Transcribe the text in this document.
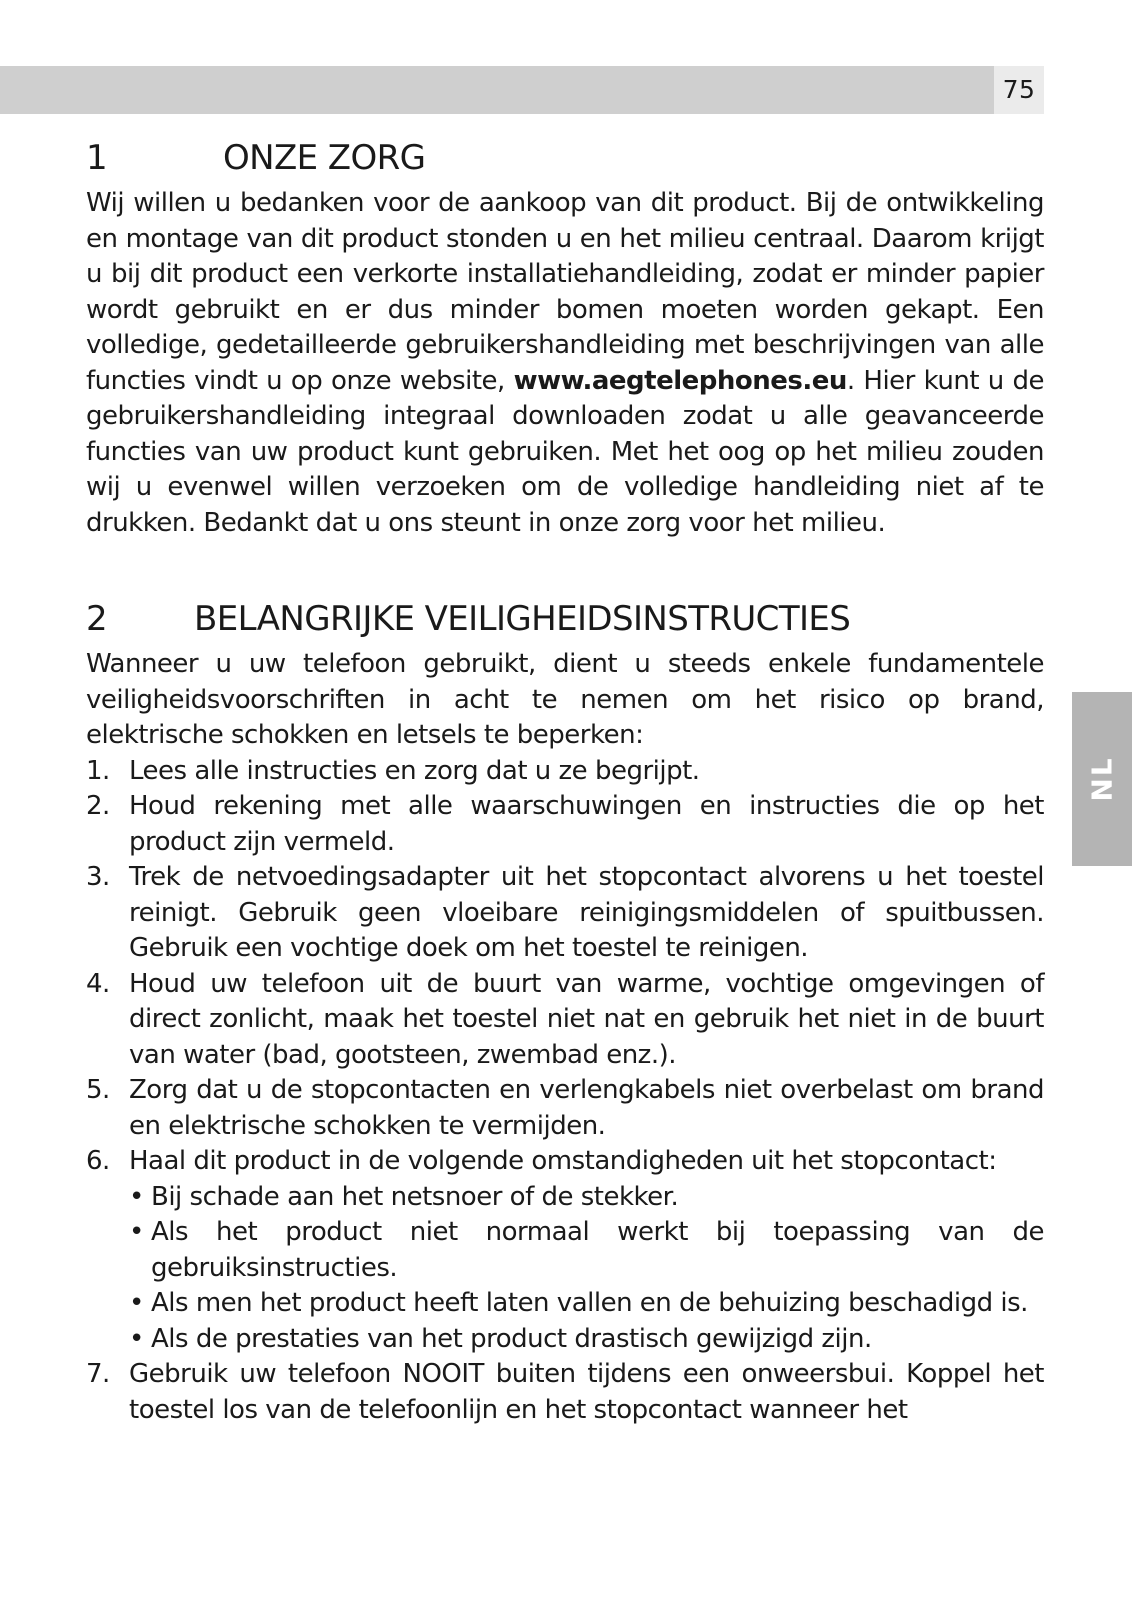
75
NL
1	ONZE ZORG

Wij willen u bedanken voor de aankoop van dit product. Bij de ontwikkeling en montage van dit product stonden u en het milieu centraal. Daarom krijgt u bij dit product een verkorte installatiehandleiding, zodat er minder papier wordt gebruikt en er dus minder bomen moeten worden gekapt. Een volledige, gedetailleerde gebruikershandleiding met beschrijvingen van alle functies vindt u op onze website, www.aegtelephones.eu. Hier kunt u de gebruikershandleiding integraal downloaden zodat u alle geavanceerde functies van uw product kunt gebruiken. Met het oog op het milieu zouden wij u evenwel willen verzoeken om de volledige handleiding niet af te drukken. Bedankt dat u ons steunt in onze zorg voor het milieu.

2	BELANGRIJKE VEILIGHEIDSINSTRUCTIES

Wanneer u uw telefoon gebruikt, dient u steeds enkele fundamentele veiligheidsvoorschriften in acht te nemen om het risico op brand, elektrische schokken en letsels te beperken:

1. Lees alle instructies en zorg dat u ze begrijpt.
2. Houd rekening met alle waarschuwingen en instructies die op het product zijn vermeld.
3. Trek de netvoedingsadapter uit het stopcontact alvorens u het toestel reinigt. Gebruik geen vloeibare reinigingsmiddelen of spuitbussen. Gebruik een vochtige doek om het toestel te reinigen.
4. Houd uw telefoon uit de buurt van warme, vochtige omgevingen of direct zonlicht, maak het toestel niet nat en gebruik het niet in de buurt van water (bad, gootsteen, zwembad enz.).
5. Zorg dat u de stopcontacten en verlengkabels niet overbelast om brand en elektrische schokken te vermijden.
6. Haal dit product in de volgende omstandigheden uit het stopcontact:
• Bij schade aan het netsnoer of de stekker.
• Als het product niet normaal werkt bij toepassing van de gebruiksinstructies.
• Als men het product heeft laten vallen en de behuizing beschadigd is.
• Als de prestaties van het product drastisch gewijzigd zijn.
7. Gebruik uw telefoon NOOIT buiten tijdens een onweersbui. Koppel het toestel los van de telefoonlijn en het stopcontact wanneer het
